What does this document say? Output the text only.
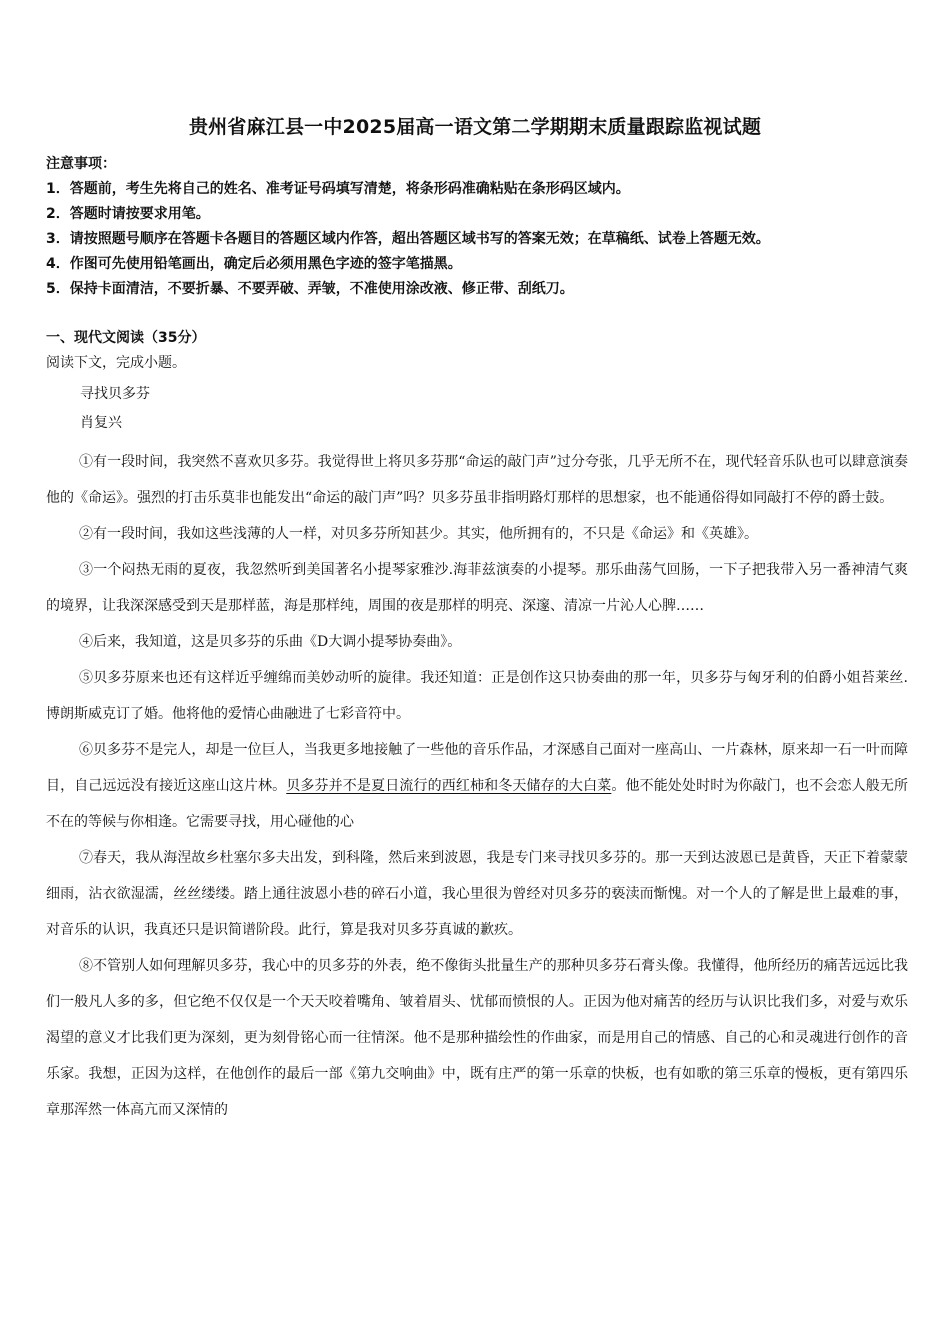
贵州省麻江县一中2025届高一语文第二学期期末质量跟踪监视试题
注意事项：
1．答题前，考生先将自己的姓名、准考证号码填写清楚，将条形码准确粘贴在条形码区域内。
2．答题时请按要求用笔。
3．请按照题号顺序在答题卡各题目的答题区域内作答，超出答题区域书写的答案无效；在草稿纸、试卷上答题无效。
4．作图可先使用铅笔画出，确定后必须用黑色字迹的签字笔描黑。
5．保持卡面清洁，不要折暴、不要弄破、弄皱，不准使用涂改液、修正带、刮纸刀。
一、现代文阅读（35分）
阅读下文，完成小题。
寻找贝多芬
肖复兴

①有一段时间，我突然不喜欢贝多芬。我觉得世上将贝多芬那“命运的敲门声”过分夸张，几乎无所不在，现代轻音乐队也可以肆意演奏他的《命运》。强烈的打击乐莫非也能发出“命运的敲门声”吗？贝多芬虽非指明路灯那样的思想家，也不能通俗得如同敲打不停的爵士鼓。

②有一段时间，我如这些浅薄的人一样，对贝多芬所知甚少。其实，他所拥有的，不只是《命运》和《英雄》。

③一个闷热无雨的夏夜，我忽然听到美国著名小提琴家雅沙.海菲兹演奏的小提琴。那乐曲荡气回肠，一下子把我带入另一番神清气爽的境界，让我深深感受到天是那样蓝，海是那样纯，周围的夜是那样的明亮、深邃、清凉一片沁人心脾……

④后来，我知道，这是贝多芬的乐曲《D大调小提琴协奏曲》。

⑤贝多芬原来也还有这样近乎缠绵而美妙动听的旋律。我还知道：正是创作这只协奏曲的那一年，贝多芬与匈牙利的伯爵小姐苔莱丝.博朗斯威克订了婚。他将他的爱情心曲融进了七彩音符中。

⑥贝多芬不是完人，却是一位巨人，当我更多地接触了一些他的音乐作品，才深感自己面对一座高山、一片森林，原来却一石一叶而障目，自己远远没有接近这座山这片林。贝多芬并不是夏日流行的西红柿和冬天储存的大白菜。他不能处处时时为你敲门，也不会恋人般无所不在的等候与你相逢。它需要寻找，用心碰他的心

⑦春天，我从海涅故乡杜塞尔多夫出发，到科隆，然后来到波恩，我是专门来寻找贝多芬的。那一天到达波恩已是黄昏，天正下着蒙蒙细雨，沾衣欲湿濡，丝丝缕缕。踏上通往波恩小巷的碎石小道，我心里很为曾经对贝多芬的亵渎而惭愧。对一个人的了解是世上最难的事，对音乐的认识，我真还只是识简谱阶段。此行，算是我对贝多芬真诚的歉疚。

⑧不管别人如何理解贝多芬，我心中的贝多芬的外表，绝不像街头批量生产的那种贝多芬石膏头像。我懂得，他所经历的痛苦远远比我们一般凡人多的多，但它绝不仅仅是一个天天咬着嘴角、皱着眉头、忧郁而愤恨的人。正因为他对痛苦的经历与认识比我们多，对爱与欢乐渴望的意义才比我们更为深刻，更为刻骨铭心而一往情深。他不是那种描绘性的作曲家，而是用自己的情感、自己的心和灵魂进行创作的音乐家。我想，正因为这样，在他创作的最后一部《第九交响曲》中，既有庄严的第一乐章的快板，也有如歌的第三乐章的慢板，更有第四乐章那浑然一体高亢而又深情的
